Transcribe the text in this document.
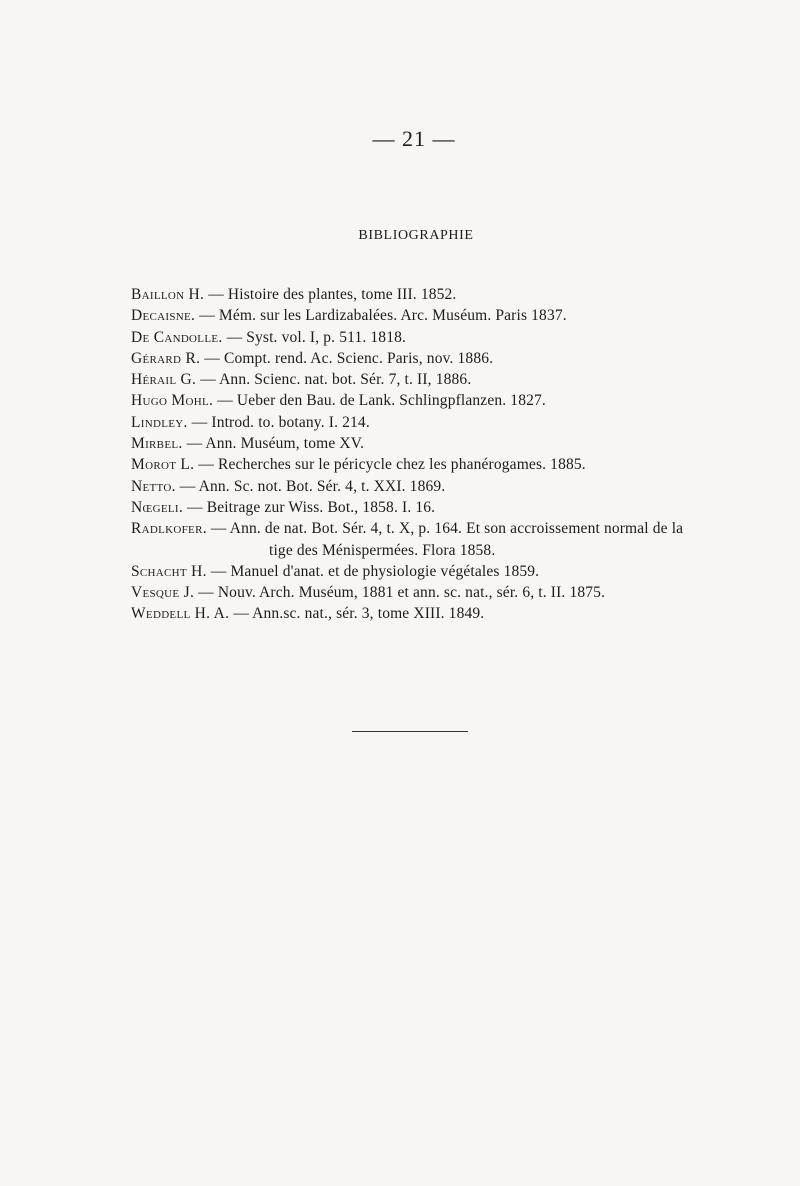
— 21 —
BIBLIOGRAPHIE
Baillon H. — Histoire des plantes, tome III. 1852.
Decaisne. — Mém. sur les Lardizabalées. Arc. Muséum. Paris 1837.
De Candolle. — Syst. vol. I, p. 511. 1818.
Gérard R. — Compt. rend. Ac. Scienc. Paris, nov. 1886.
Hérail G. — Ann. Scienc. nat. bot. Sér. 7, t. II, 1886.
Hugo Mohl. — Ueber den Bau. de Lank. Schlingpflanzen. 1827.
Lindley. — Introd. to. botany. I. 214.
Mirbel. — Ann. Muséum, tome XV.
Morot L. — Recherches sur le péricycle chez les phanérogames. 1885.
Netto. — Ann. Sc. not. Bot. Sér. 4, t. XXI. 1869.
Nœgeli. — Beitrage zur Wiss. Bot., 1858. I. 16.
Radlkofer. — Ann. de nat. Bot. Sér. 4, t. X, p. 164. Et son accroissement normal de la tige des Ménispermées. Flora 1858.
Schacht H. — Manuel d'anat. et de physiologie végétales 1859.
Vesque J. — Nouv. Arch. Muséum, 1881 et ann. sc. nat., sér. 6, t. II. 1875.
Weddell H. A. — Ann.sc. nat., sér. 3, tome XIII. 1849.
